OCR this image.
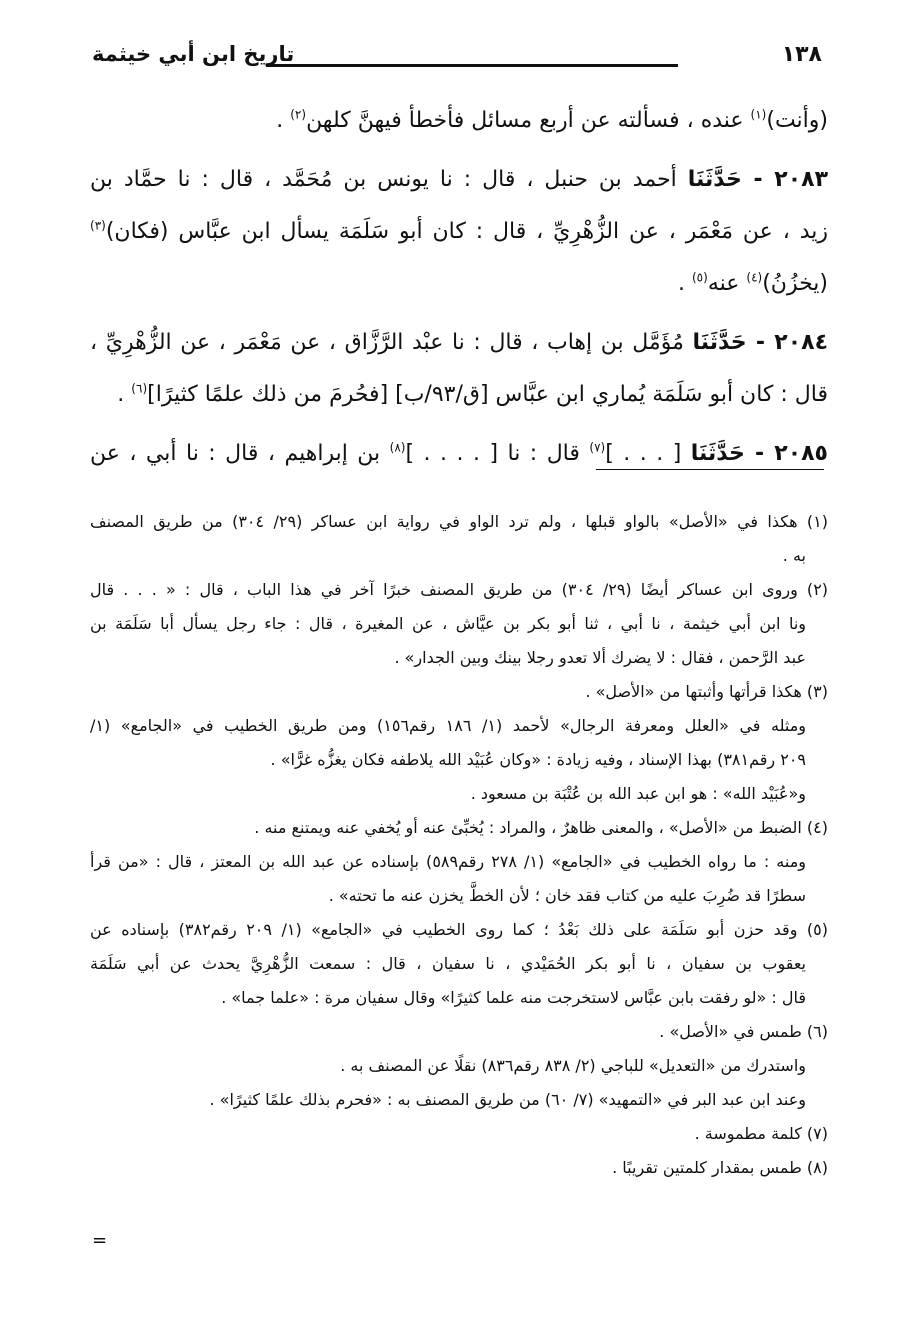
١٣٨
تاريخ ابن أبي خيثمة
(وأنت)$^{(١)}$ عنده ، فسألته عن أربع مسائل فأخطأ فيهنَّ كلهن$^{(٢)}$ .
٢٠٨٣ - حَدَّثَنَا أحمد بن حنبل ، قال : نا يونس بن مُحَمَّد ، قال : نا حمَّاد بن
زيد ، عن مَعْمَر ، عن الزُّهْرِيِّ ، قال : كان أبو سَلَمَة يسأل ابن عبَّاس (فكان)$^{(٣)}$
(يخزُنُ)$^{(٤)}$ عنه$^{(٥)}$ .
٢٠٨٤ - حَدَّثَنَا مُؤَمَّل بن إهاب ، قال : نا عبْد الرَّزَّاق ، عن مَعْمَر ، عن الزُّهْرِيِّ ،
قال : كان أبو سَلَمَة يُماري ابن عبَّاس [ق/٩٣/ب] [فحُرمَ من ذلك علمًا كثيرًا]$^{(٦)}$ .
٢٠٨٥ - حَدَّثَنَا [ . . . ]$^{(٧)}$ قال : نا [ . . . . ]$^{(٨)}$ بن إبراهيم ، قال : نا أبي ، عن
(١) هكذا في «الأصل» بالواو قبلها ، ولم ترد الواو في رواية ابن عساكر (٢٩/ ٣٠٤) من طريق المصنف
به .
(٢) وروى ابن عساكر أيضًا (٢٩/ ٣٠٤) من طريق المصنف خبرًا آخر في هذا الباب ، قال : « . . . قال
ونا ابن أبي خيثمة ، نا أبي ، ثنا أبو بكر بن عيَّاش ، عن المغيرة ، قال : جاء رجل يسأل أبا سَلَمَة بن
عبد الرَّحمن ، فقال : لا يضرك ألا تعدو رجلا بينك وبين الجدار» .
(٣) هكذا قرأتها وأثبتها من «الأصل» .
ومثله في «العلل ومعرفة الرجال» لأحمد (١/ ١٨٦ رقم١٥٦) ومن طريق الخطيب في «الجامع» (١/
٢٠٩ رقم٣٨١) بهذا الإسناد ، وفيه زيادة : «وكان عُبَيْد الله يلاطفه فكان يغزُّه غرًّا» .
و«عُبَيْد الله» : هو ابن عبد الله بن عُتْبَة بن مسعود .
(٤) الضبط من «الأصل» ، والمعنى ظاهرٌ ، والمراد : يُخبِّئ عنه أو يُخفي عنه ويمتنع منه .
ومنه : ما رواه الخطيب في «الجامع» (١/ ٢٧٨ رقم٥٨٩) بإسناده عن عبد الله بن المعتز ، قال : «من قرأ
سطرًا قد ضُرِبَ عليه من كتاب فقد خان ؛ لأن الخطَّ يخزن عنه ما تحته» .
(٥) وقد حزن أبو سَلَمَة على ذلك بَعْدُ ؛ كما روى الخطيب في «الجامع» (١/ ٢٠٩ رقم٣٨٢) بإسناده عن
يعقوب بن سفيان ، نا أبو بكر الحُمَيْدي ، نا سفيان ، قال : سمعت الزُّهْرِيَّ يحدث عن أبي سَلَمَة
قال : «لو رفقت بابن عبَّاس لاستخرجت منه علما كثيرًا» وقال سفيان مرة : «علما جما» .
(٦) طمس في «الأصل» .
واستدرك من «التعديل» للباجي (٢/ ٨٣٨ رقم٨٣٦) نقلًا عن المصنف به .
وعند ابن عبد البر في «التمهيد» (٧/ ٦٠) من طريق المصنف به : «فحرم بذلك علمًا كثيرًا» .
(٧) كلمة مطموسة .
(٨) طمس بمقدار كلمتين تقريبًا .
=
